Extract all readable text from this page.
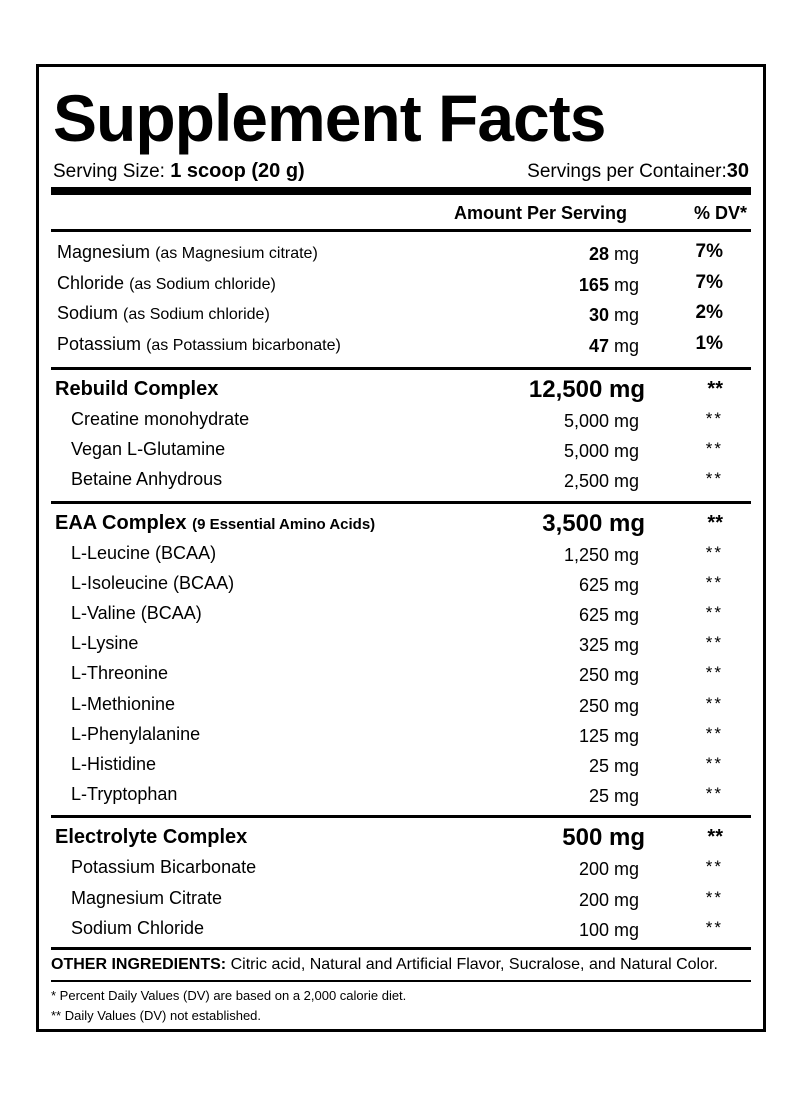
Supplement Facts
Serving Size: 1 scoop (20 g)	Servings per Container:30
Amount Per Serving	% DV*
Magnesium (as Magnesium citrate)	28 mg	7%
Chloride (as Sodium chloride)	165 mg	7%
Sodium (as Sodium chloride)	30 mg	2%
Potassium (as Potassium bicarbonate)	47 mg	1%
Rebuild Complex	12,500 mg	**
Creatine monohydrate	5,000 mg	**
Vegan L-Glutamine	5,000 mg	**
Betaine Anhydrous	2,500 mg	**
EAA Complex (9 Essential Amino Acids)	3,500 mg	**
L-Leucine (BCAA)	1,250 mg	**
L-Isoleucine (BCAA)	625 mg	**
L-Valine (BCAA)	625 mg	**
L-Lysine	325 mg	**
L-Threonine	250 mg	**
L-Methionine	250 mg	**
L-Phenylalanine	125 mg	**
L-Histidine	25 mg	**
L-Tryptophan	25 mg	**
Electrolyte Complex	500 mg	**
Potassium Bicarbonate	200 mg	**
Magnesium Citrate	200 mg	**
Sodium Chloride	100 mg	**
OTHER INGREDIENTS: Citric acid, Natural and Artificial Flavor, Sucralose, and Natural Color.
* Percent Daily Values (DV) are based on a 2,000 calorie diet.
** Daily Values (DV) not established.
